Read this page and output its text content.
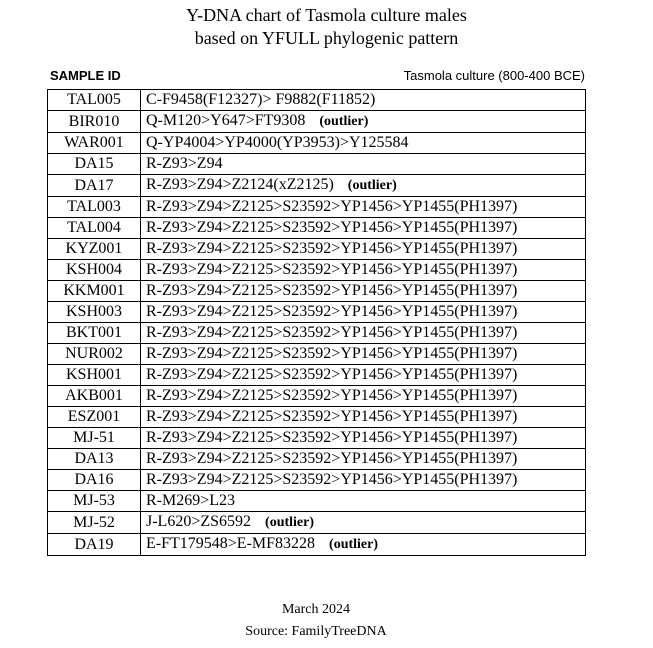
Y-DNA chart of Tasmola culture males
based on YFULL phylogenic pattern
SAMPLE ID	Tasmola culture (800-400 BCE)
TAL005	C-F9458(F12327)> F9882(F11852)
BIR010	Q-M120>Y647>FT9308 (outlier)
WAR001	Q-YP4004>YP4000(YP3953)>Y125584
DA15	R-Z93>Z94
DA17	R-Z93>Z94>Z2124(xZ2125) (outlier)
TAL003	R-Z93>Z94>Z2125>S23592>YP1456>YP1455(PH1397)
TAL004	R-Z93>Z94>Z2125>S23592>YP1456>YP1455(PH1397)
KYZ001	R-Z93>Z94>Z2125>S23592>YP1456>YP1455(PH1397)
KSH004	R-Z93>Z94>Z2125>S23592>YP1456>YP1455(PH1397)
KKM001	R-Z93>Z94>Z2125>S23592>YP1456>YP1455(PH1397)
KSH003	R-Z93>Z94>Z2125>S23592>YP1456>YP1455(PH1397)
BKT001	R-Z93>Z94>Z2125>S23592>YP1456>YP1455(PH1397)
NUR002	R-Z93>Z94>Z2125>S23592>YP1456>YP1455(PH1397)
KSH001	R-Z93>Z94>Z2125>S23592>YP1456>YP1455(PH1397)
AKB001	R-Z93>Z94>Z2125>S23592>YP1456>YP1455(PH1397)
ESZ001	R-Z93>Z94>Z2125>S23592>YP1456>YP1455(PH1397)
MJ-51	R-Z93>Z94>Z2125>S23592>YP1456>YP1455(PH1397)
DA13	R-Z93>Z94>Z2125>S23592>YP1456>YP1455(PH1397)
DA16	R-Z93>Z94>Z2125>S23592>YP1456>YP1455(PH1397)
MJ-53	R-M269>L23
MJ-52	J-L620>ZS6592 (outlier)
DA19	E-FT179548>E-MF83228 (outlier)
March 2024
Source: FamilyTreeDNA
